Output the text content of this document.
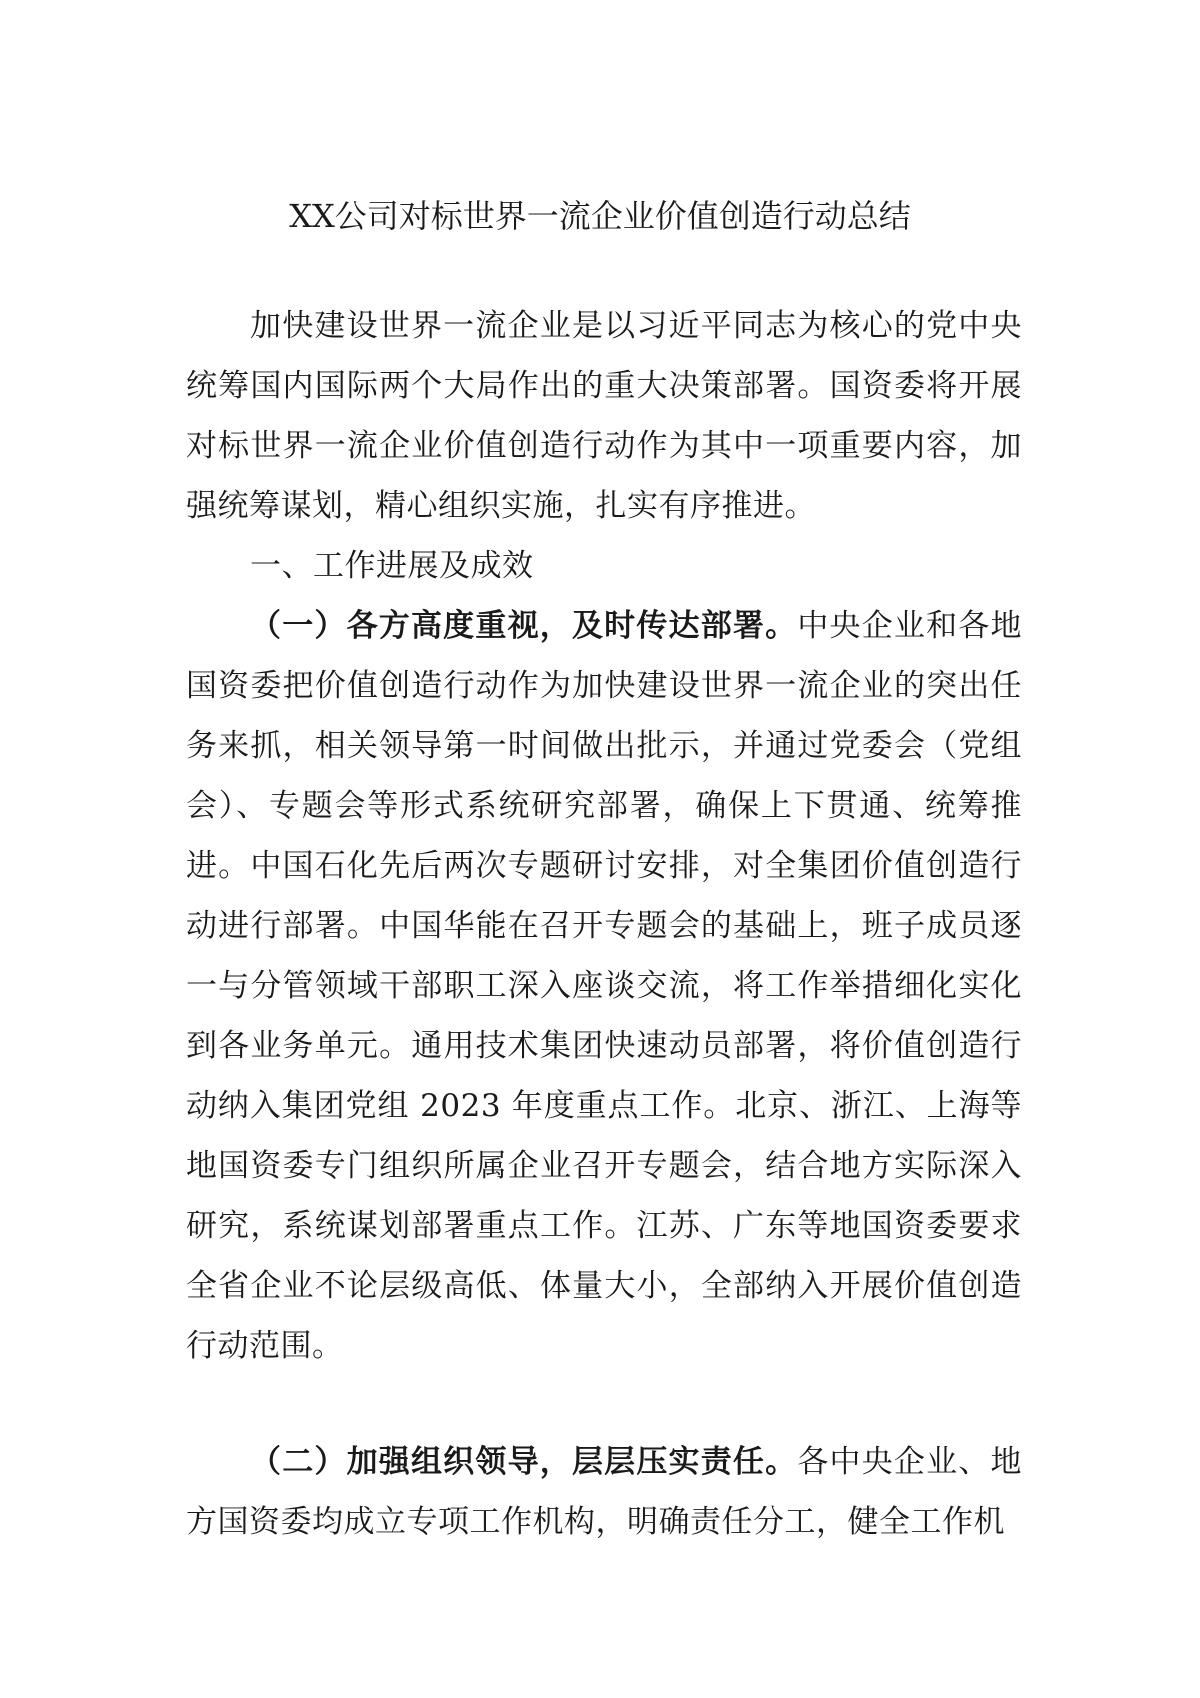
XX公司对标世界一流企业价值创造行动总结

加快建设世界一流企业是以习近平同志为核心的党中央统筹国内国际两个大局作出的重大决策部署。国资委将开展对标世界一流企业价值创造行动作为其中一项重要内容，加强统筹谋划，精心组织实施，扎实有序推进。

一、工作进展及成效

（一）各方高度重视，及时传达部署。中央企业和各地国资委把价值创造行动作为加快建设世界一流企业的突出任务来抓，相关领导第一时间做出批示，并通过党委会（党组会）、专题会等形式系统研究部署，确保上下贯通、统筹推进。中国石化先后两次专题研讨安排，对全集团价值创造行动进行部署。中国华能在召开专题会的基础上，班子成员逐一与分管领域干部职工深入座谈交流，将工作举措细化实化到各业务单元。通用技术集团快速动员部署，将价值创造行动纳入集团党组 2023 年度重点工作。北京、浙江、上海等地国资委专门组织所属企业召开专题会，结合地方实际深入研究，系统谋划部署重点工作。江苏、广东等地国资委要求全省企业不论层级高低、体量大小，全部纳入开展价值创造行动范围。

（二）加强组织领导，层层压实责任。各中央企业、地方国资委均成立专项工作机构，明确责任分工，健全工作机
